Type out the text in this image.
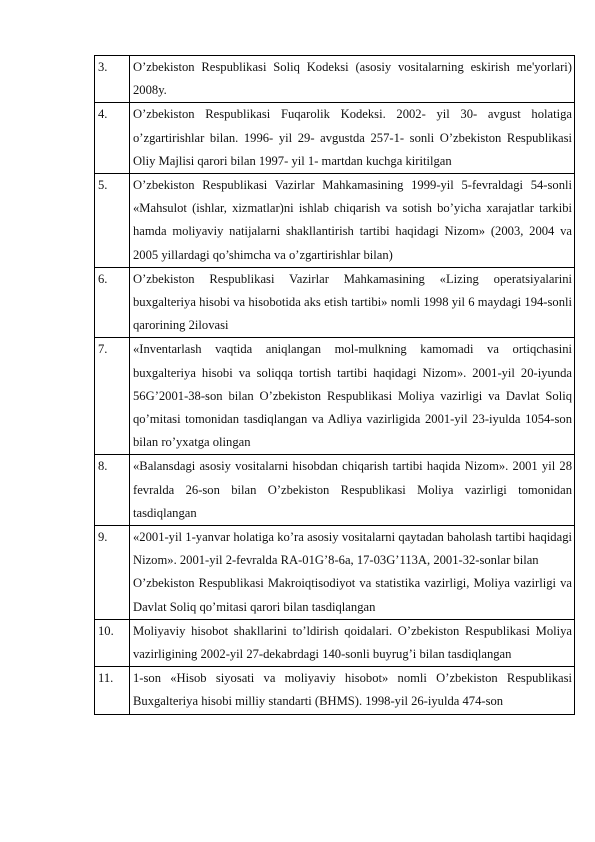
3.	O’zbekiston Respublikasi Soliq Kodeksi (asosiy vositalarning eskirish me'yorlari) 2008y.
4.	O’zbekiston Respublikasi Fuqarolik Kodeksi. 2002- yil 30- avgust holatiga o’zgartirishlar bilan. 1996- yil 29- avgustda 257-1- sonli O’zbekiston Respublikasi Oliy Majlisi qarori bilan 1997- yil 1- martdan kuchga kiritilgan
5.	O’zbekiston Respublikasi Vazirlar Mahkamasining 1999-yil 5-fevraldagi 54-sonli «Mahsulot (ishlar, xizmatlar)ni ishlab chiqarish va sotish bo’yicha xarajatlar tarkibi hamda moliyaviy natijalarni shakllantirish tartibi haqidagi Nizom» (2003, 2004 va 2005 yillardagi qo’shimcha va o’zgartirishlar bilan)
6.	O’zbekiston Respublikasi Vazirlar Mahkamasining «Lizing operatsiyalarini buxgalteriya hisobi va hisobotida aks etish tartibi» nomli 1998 yil 6 maydagi 194-sonli qarorining 2ilovasi
7.	«Inventarlash vaqtida aniqlangan mol-mulkning kamomadi va ortiqchasini buxgalteriya hisobi va soliqqa tortish tartibi haqidagi Nizom». 2001-yil 20-iyunda 56G’2001-38-son bilan O’zbekiston Respublikasi Moliya vazirligi va Davlat Soliq qo’mitasi tomonidan tasdiqlangan va Adliya vazirligida 2001-yil 23-iyulda 1054-son bilan ro’yxatga olingan
8.	«Balansdagi asosiy vositalarni hisobdan chiqarish tartibi haqida Nizom». 2001 yil 28 fevralda 26-son bilan O’zbekiston Respublikasi Moliya vazirligi tomonidan tasdiqlangan
9.	«2001-yil 1-yanvar holatiga ko’ra asosiy vositalarni qaytadan baholash tartibi haqidagi Nizom». 2001-yil 2-fevralda RA-01G’8-6a, 17-03G’113A, 2001-32-sonlar bilan
O’zbekiston Respublikasi Makroiqtisodiyot va statistika vazirligi, Moliya vazirligi va Davlat Soliq qo’mitasi qarori bilan tasdiqlangan

10.	Moliyaviy hisobot shakllarini to’ldirish qoidalari. O’zbekiston Respublikasi Moliya vazirligining 2002-yil 27-dekabrdagi 140-sonli buyrug’i bilan tasdiqlangan
11.	1-son «Hisob siyosati va moliyaviy hisobot» nomli O’zbekiston Respublikasi Buxgalteriya hisobi milliy standarti (BHMS). 1998-yil 26-iyulda 474-son
